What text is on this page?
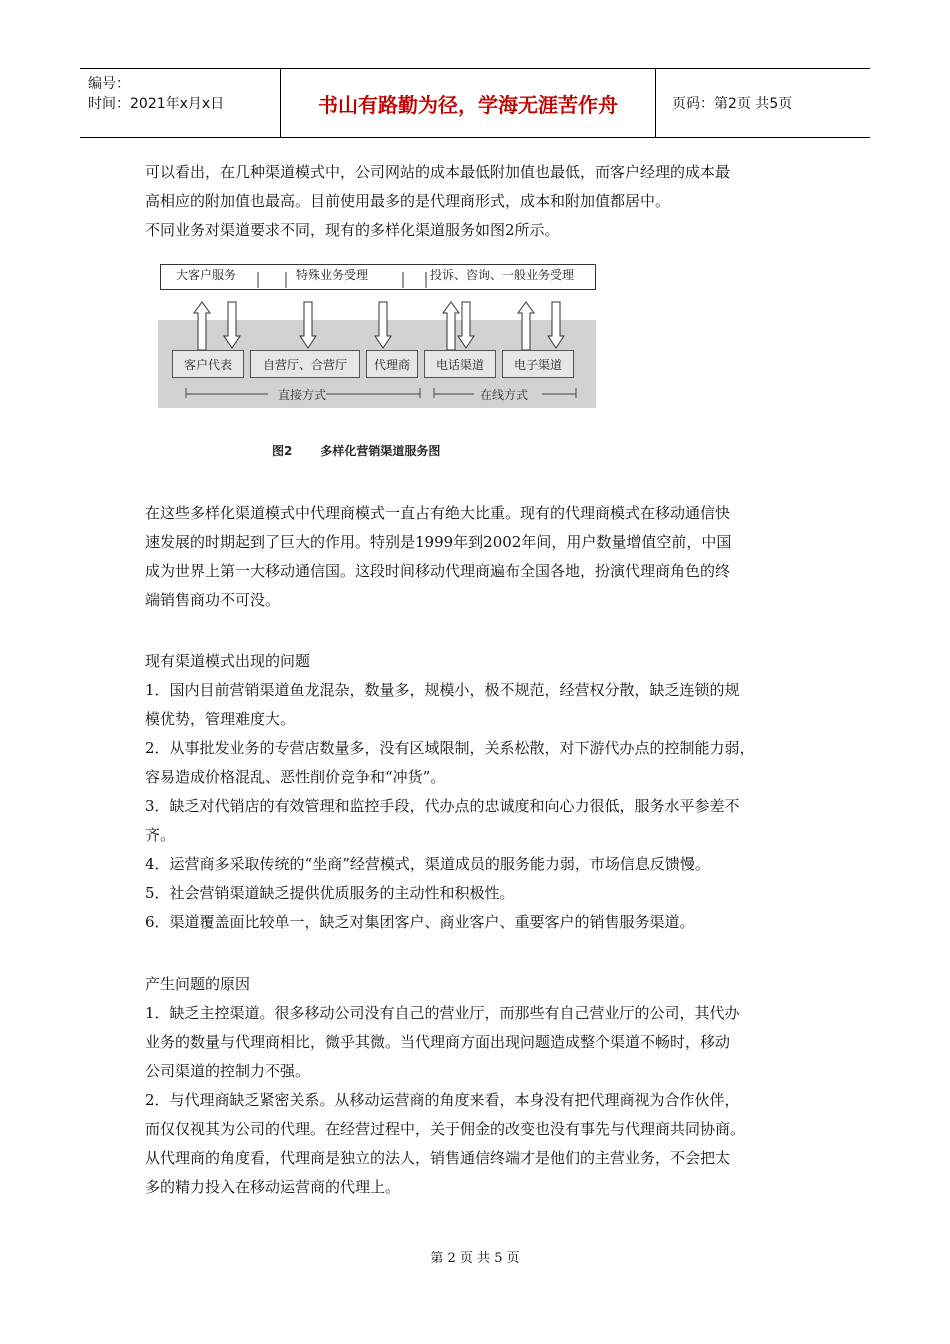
编号：
时间：2021年x月x日	书山有路勤为径，学海无涯苦作舟	页码：第2页 共5页

可以看出，在几种渠道模式中，公司网站的成本最低附加值也最低，而客户经理的成本最

高相应的附加值也最高。目前使用最多的是代理商形式，成本和附加值都居中。

不同业务对渠道要求不同，现有的多样化渠道服务如图2所示。

大客户服务	特殊业务受理	投诉、咨询、一般业务受理
客户代表	自营厅、合营厅	代理商	电话渠道	电子渠道
直接方式	在线方式
图2 多样化营销渠道服务图

在这些多样化渠道模式中代理商模式一直占有绝大比重。现有的代理商模式在移动通信快

速发展的时期起到了巨大的作用。特别是1999年到2002年间，用户数量增值空前，中国

成为世界上第一大移动通信国。这段时间移动代理商遍布全国各地，扮演代理商角色的终

端销售商功不可没。

现有渠道模式出现的问题

1．国内目前营销渠道鱼龙混杂，数量多，规模小，极不规范，经营权分散，缺乏连锁的规

模优势，管理难度大。

2．从事批发业务的专营店数量多，没有区域限制，关系松散，对下游代办点的控制能力弱，

容易造成价格混乱、恶性削价竞争和“冲货”。

3．缺乏对代销店的有效管理和监控手段，代办点的忠诚度和向心力很低，服务水平参差不

齐。

4．运营商多采取传统的“坐商”经营模式，渠道成员的服务能力弱，市场信息反馈慢。

5．社会营销渠道缺乏提供优质服务的主动性和积极性。

6．渠道覆盖面比较单一，缺乏对集团客户、商业客户、重要客户的销售服务渠道。

产生问题的原因

1．缺乏主控渠道。很多移动公司没有自己的营业厅，而那些有自己营业厅的公司，其代办

业务的数量与代理商相比，微乎其微。当代理商方面出现问题造成整个渠道不畅时，移动

公司渠道的控制力不强。

2．与代理商缺乏紧密关系。从移动运营商的角度来看，本身没有把代理商视为合作伙伴，

而仅仅视其为公司的代理。在经营过程中，关于佣金的改变也没有事先与代理商共同协商。

从代理商的角度看，代理商是独立的法人，销售通信终端才是他们的主营业务，不会把太

多的精力投入在移动运营商的代理上。

第 2 页 共 5 页
